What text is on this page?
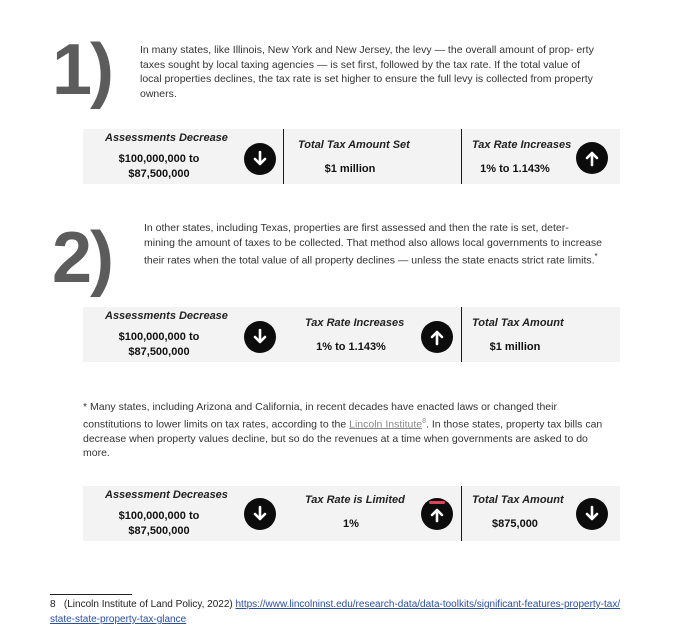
1)	In many states, like Illinois, New York and New Jersey, the levy — the overall amount of prop- erty taxes sought by local taxing agencies — is set first, followed by the tax rate. If the total value of local properties declines, the tax rate is set higher to ensure the full levy is collected from property owners.

Assessments Decrease
$100,000,000 to
$87,500,000
Total Tax Amount Set
$1 million
Tax Rate Increases
1% to 1.143%
2)	In other states, including Texas, properties are first assessed and then the rate is set, deter- mining the amount of taxes to be collected. That method also allows local governments to increase their rates when the total value of all property declines — unless the state enacts strict rate limits.*

Assessments Decrease
$100,000,000 to
$87,500,000
Tax Rate Increases
1% to 1.143%
Total Tax Amount
$1 million

* Many states, including Arizona and California, in recent decades have enacted laws or changed their constitutions to lower limits on tax rates, according to the Lincoln Institute$^8$. In those states, property tax bills can decrease when property values decline, but so do the revenues at a time when governments are asked to do more.

Assessment Decreases
$100,000,000 to
$87,500,000
Tax Rate is Limited
1%
Total Tax Amount
$875,000
8 (Lincoln Institute of Land Policy, 2022) https://www.lincolninst.edu/research-data/data-toolkits/significant-features-property-tax/
state-state-property-tax-glance
